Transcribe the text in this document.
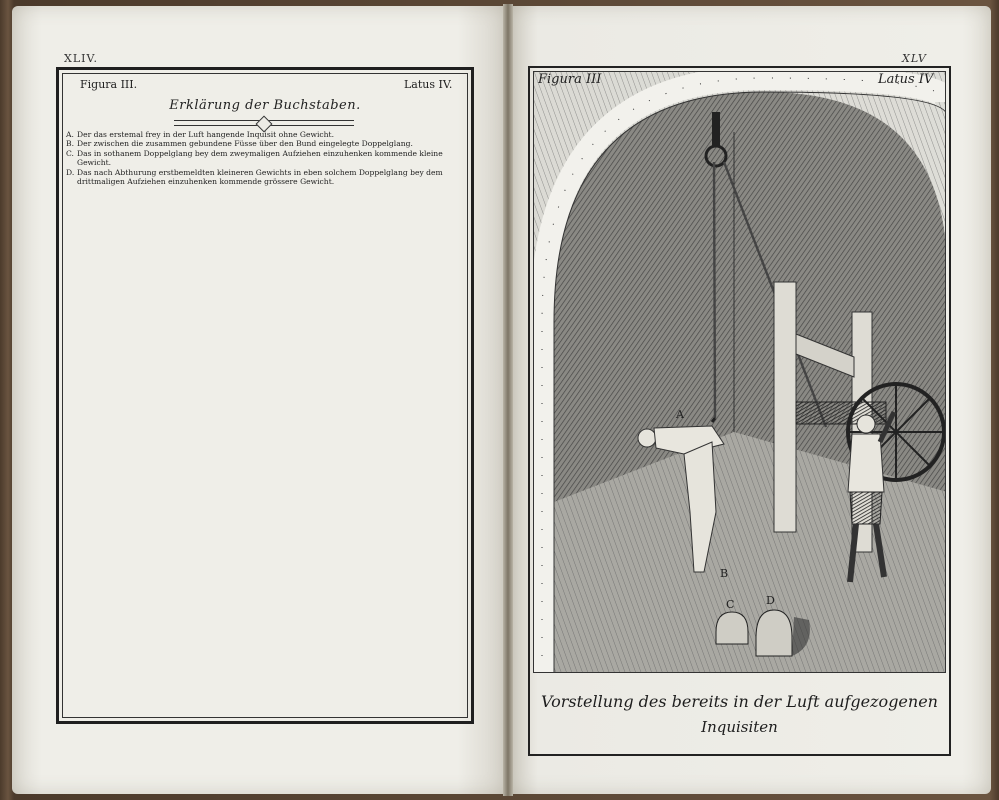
XLIV.
Figura III.	Latus IV.
Erklärung der Buchstaben.
A. Der das erstemal frey in der Luft hangende Inquisit ohne Gewicht.
B. Der zwischen die zusammen gebundene Füsse über den Bund eingelegte Doppelglang.
C. Das in sothanem Doppelglang bey dem zweymaligen Aufziehen einzuhenken kommende kleine Gewicht.
D. Das nach Abthurung erstbemeldten kleineren Gewichts in eben solchem Doppelglang bey dem drittmaligen Aufziehen einzuhenken kommende grössere Gewicht.
XLV
Figura III	Latus IV
A
B
C	D
Vorstellung des bereits in der Luft aufgezogenen
Inquisiten
